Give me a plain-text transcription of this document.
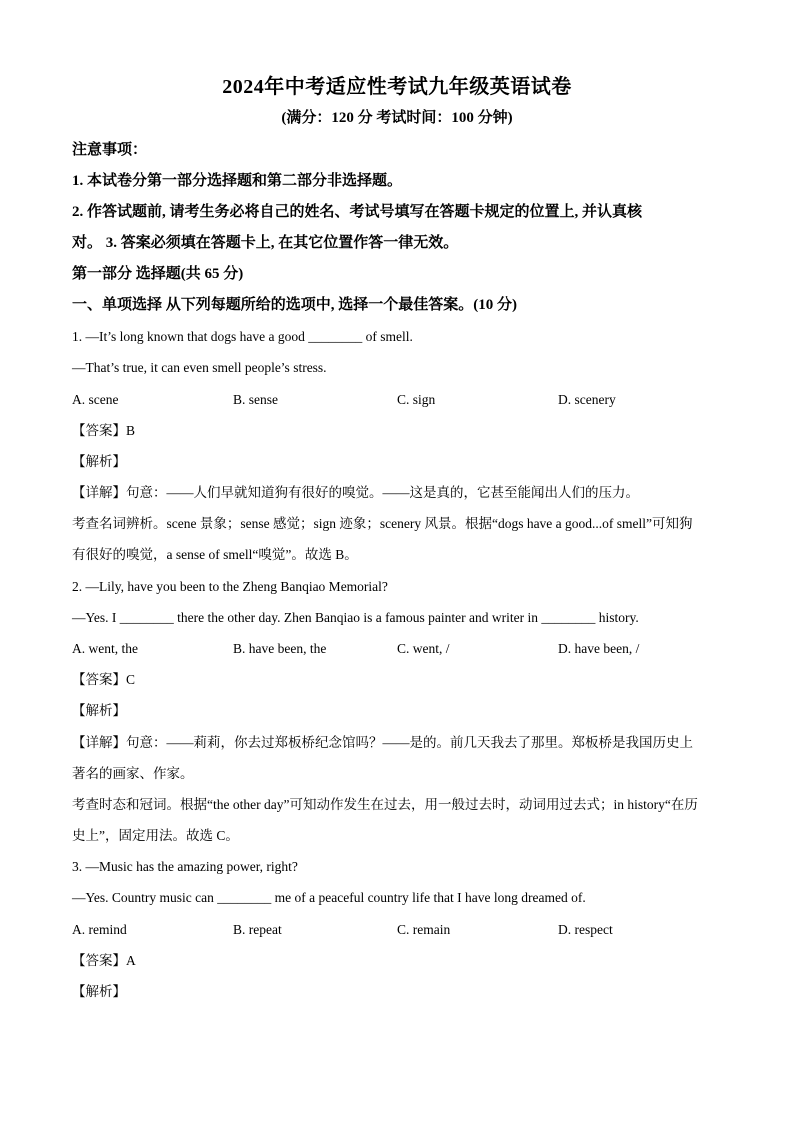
2024年中考适应性考试九年级英语试卷
(满分：120 分 考试时间：100 分钟)
注意事项：
1. 本试卷分第一部分选择题和第二部分非选择题。
2. 作答试题前, 请考生务必将自己的姓名、考试号填写在答题卡规定的位置上, 并认真核
对。 3. 答案必须填在答题卡上, 在其它位置作答一律无效。
第一部分 选择题(共 65 分)
一、单项选择 从下列每题所给的选项中, 选择一个最佳答案。(10 分)
1. —It’s long known that dogs have a good ________ of smell.
—That’s true, it can even smell people’s stress.
A. scene	B. sense	C. sign	D. scenery
【答案】B
【解析】
【详解】句意：——人们早就知道狗有很好的嗅觉。——这是真的，它甚至能闻出人们的压力。
考查名词辨析。scene 景象；sense 感觉；sign 迹象；scenery 风景。根据“dogs have a good...of smell”可知狗
有很好的嗅觉，a sense of smell“嗅觉”。故选 B。
2. —Lily, have you been to the Zheng Banqiao Memorial?
—Yes. I ________ there the other day. Zhen Banqiao is a famous painter and writer in ________ history.
A. went, the	B. have been, the	C. went, /	D. have been, /
【答案】C
【解析】
【详解】句意：——莉莉，你去过郑板桥纪念馆吗？——是的。前几天我去了那里。郑板桥是我国历史上
著名的画家、作家。
考查时态和冠词。根据“the other day”可知动作发生在过去，用一般过去时，动词用过去式；in history“在历
史上”，固定用法。故选 C。
3. —Music has the amazing power, right?
—Yes. Country music can ________ me of a peaceful country life that I have long dreamed of.
A. remind	B. repeat	C. remain	D. respect
【答案】A
【解析】
